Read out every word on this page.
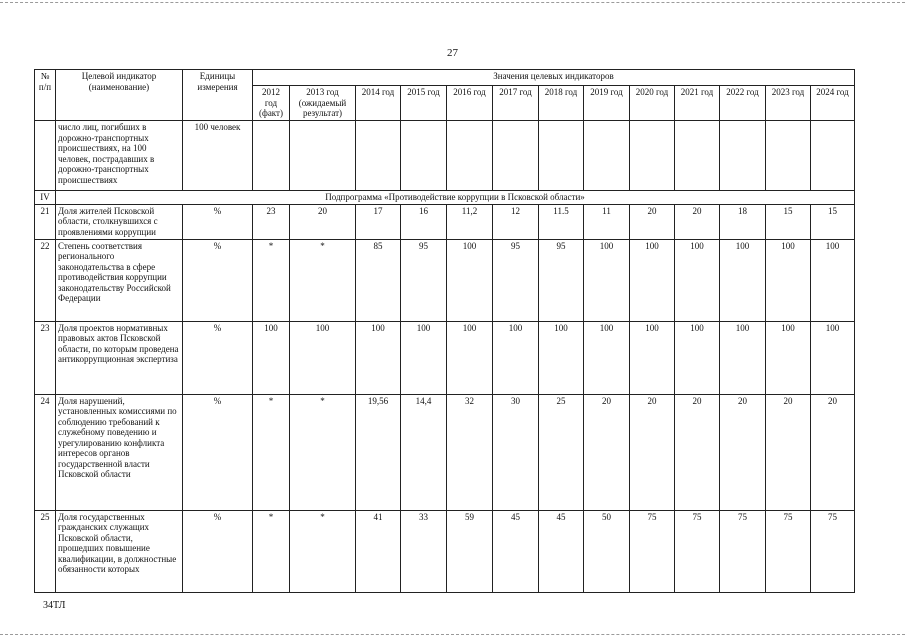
27
№ п/п	Целевой индикатор (наименование)	Единицы измерения	Значения целевых индикаторов												
			2012 год (факт)	2013 год (ожидаемый результат)	2014 год	2015 год	2016 год	2017 год	2018 год	2019 год	2020 год	2021 год	2022 год	2023 год	2024 год
	число лиц, погибших в дорожно-транспортных происшествиях, на 100 человек, пострадавших в дорожно-транспортных происшествиях	100 человек													
IV	Подпрограмма «Противодействие коррупции в Псковской области»														
21	Доля жителей Псковской области, столкнувшихся с проявлениями коррупции	%	23	20	17	16	11,2	12	11.5	11	20	20	18	15	15
22	Степень соответствия регионального законодательства в сфере противодействия коррупции законодательству Российской Федерации	%	*	*	85	95	100	95	95	100	100	100	100	100	100
23	Доля проектов нормативных правовых актов Псковской области, по которым проведена антикоррупционная экспертиза	%	100	100	100	100	100	100	100	100	100	100	100	100	100
24	Доля нарушений, установленных комиссиями по соблюдению требований к служебному поведению и урегулированию конфликта интересов органов государственной власти Псковской области	%	*	*	19,56	14,4	32	30	25	20	20	20	20	20	20
25	Доля государственных гражданских служащих Псковской области, прошедших повышение квалификации, в должностные обязанности которых	%	*	*	41	33	59	45	45	50	75	75	75	75	75
34ТЛ
